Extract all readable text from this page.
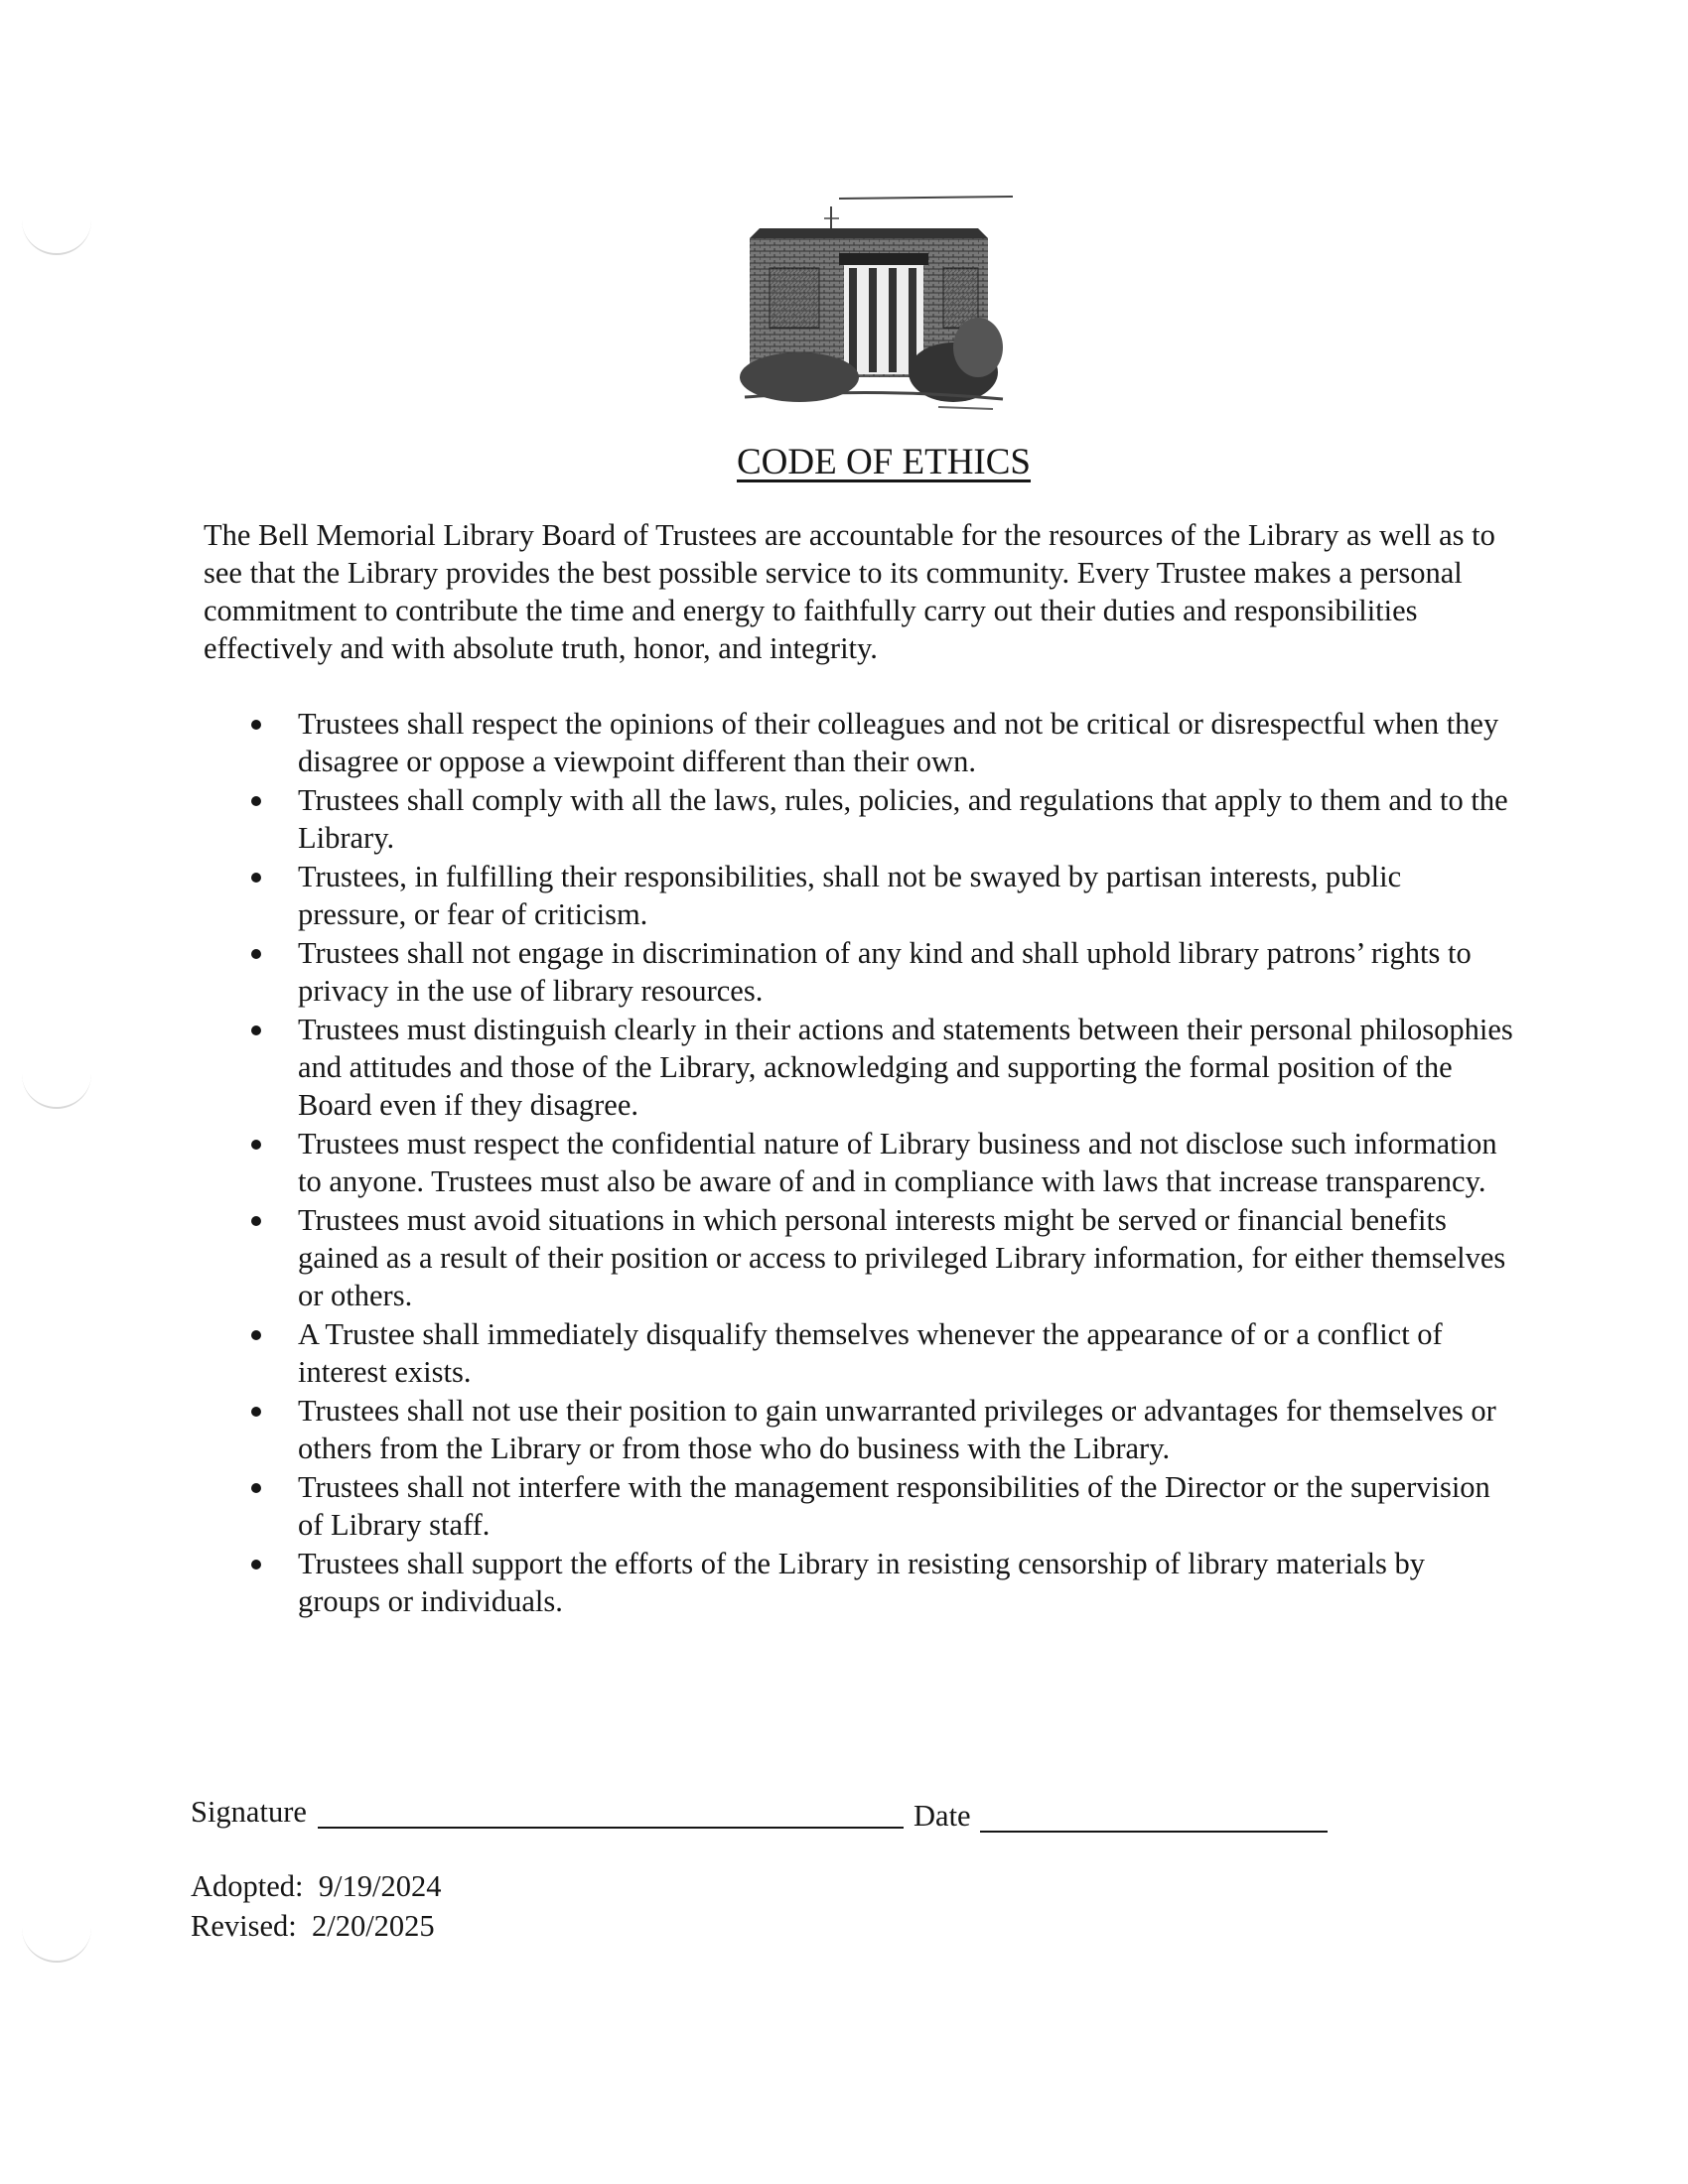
CODE OF ETHICS

The Bell Memorial Library Board of Trustees are accountable for the resources of the Library as well as to see that the Library provides the best possible service to its community. Every Trustee makes a personal commitment to contribute the time and energy to faithfully carry out their duties and responsibilities effectively and with absolute truth, honor, and integrity.

Trustees shall respect the opinions of their colleagues and not be critical or disrespectful when they disagree or oppose a viewpoint different than their own.
Trustees shall comply with all the laws, rules, policies, and regulations that apply to them and to the Library.
Trustees, in fulfilling their responsibilities, shall not be swayed by partisan interests, public pressure, or fear of criticism.
Trustees shall not engage in discrimination of any kind and shall uphold library patrons’ rights to privacy in the use of library resources.
Trustees must distinguish clearly in their actions and statements between their personal philosophies and attitudes and those of the Library, acknowledging and supporting the formal position of the Board even if they disagree.
Trustees must respect the confidential nature of Library business and not disclose such information to anyone. Trustees must also be aware of and in compliance with laws that increase transparency.
Trustees must avoid situations in which personal interests might be served or financial benefits gained as a result of their position or access to privileged Library information, for either themselves or others.
A Trustee shall immediately disqualify themselves whenever the appearance of or a conflict of interest exists.
Trustees shall not use their position to gain unwarranted privileges or advantages for themselves or others from the Library or from those who do business with the Library.
Trustees shall not interfere with the management responsibilities of the Director or the supervision of Library staff.
Trustees shall support the efforts of the Library in resisting censorship of library materials by groups or individuals.
Signature	Date
Adopted:  9/19/2024
Revised:  2/20/2025
